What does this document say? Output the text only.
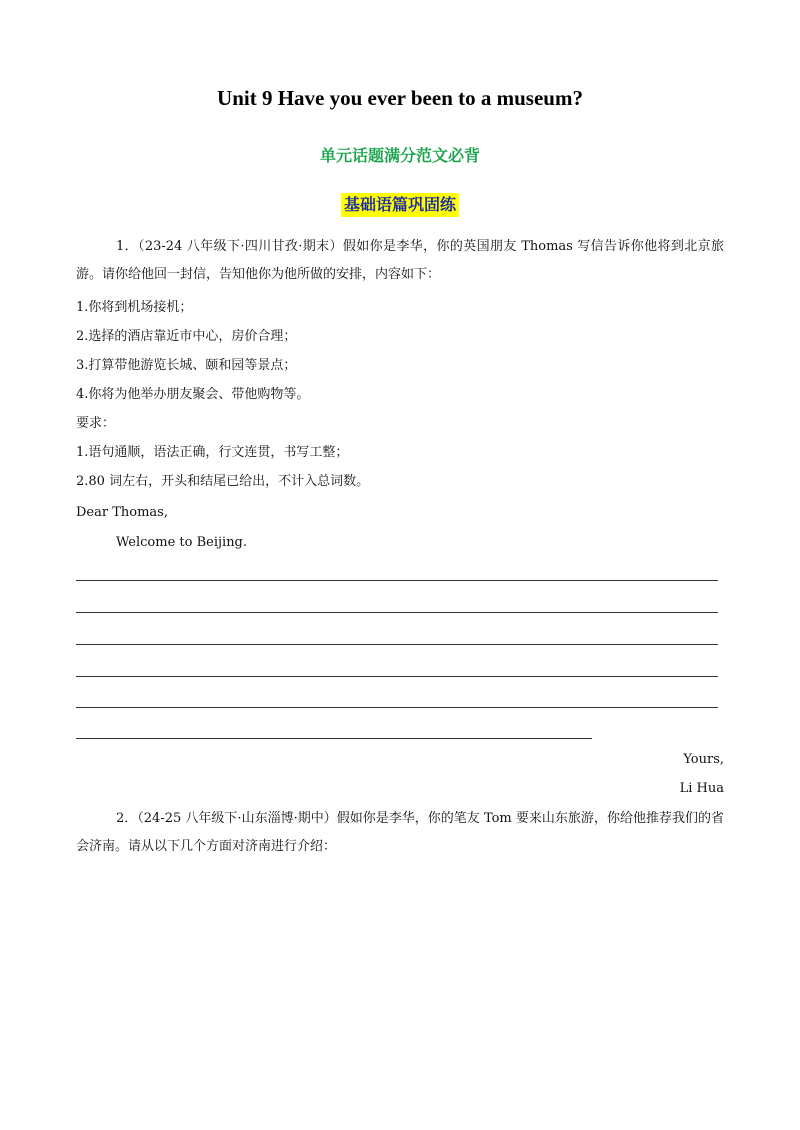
Unit 9 Have you ever been to a museum?
单元话题满分范文必背
基础语篇巩固练
1．（23-24 八年级下·四川甘孜·期末）假如你是李华，你的英国朋友 Thomas 写信告诉你他将到北京旅游。请你给他回一封信，告知他你为他所做的安排，内容如下：
1.你将到机场接机；
2.选择的酒店靠近市中心，房价合理；
3.打算带他游览长城、颐和园等景点；
4.你将为他举办朋友聚会、带他购物等。
要求：
1.语句通顺，语法正确，行文连贯，书写工整；
2.80 词左右，开头和结尾已给出，不计入总词数。
Dear Thomas,
Welcome to Beijing.
Yours,
Li Hua
2．（24-25 八年级下·山东淄博·期中）假如你是李华，你的笔友 Tom 要来山东旅游，你给他推荐我们的省会济南。请从以下几个方面对济南进行介绍：
